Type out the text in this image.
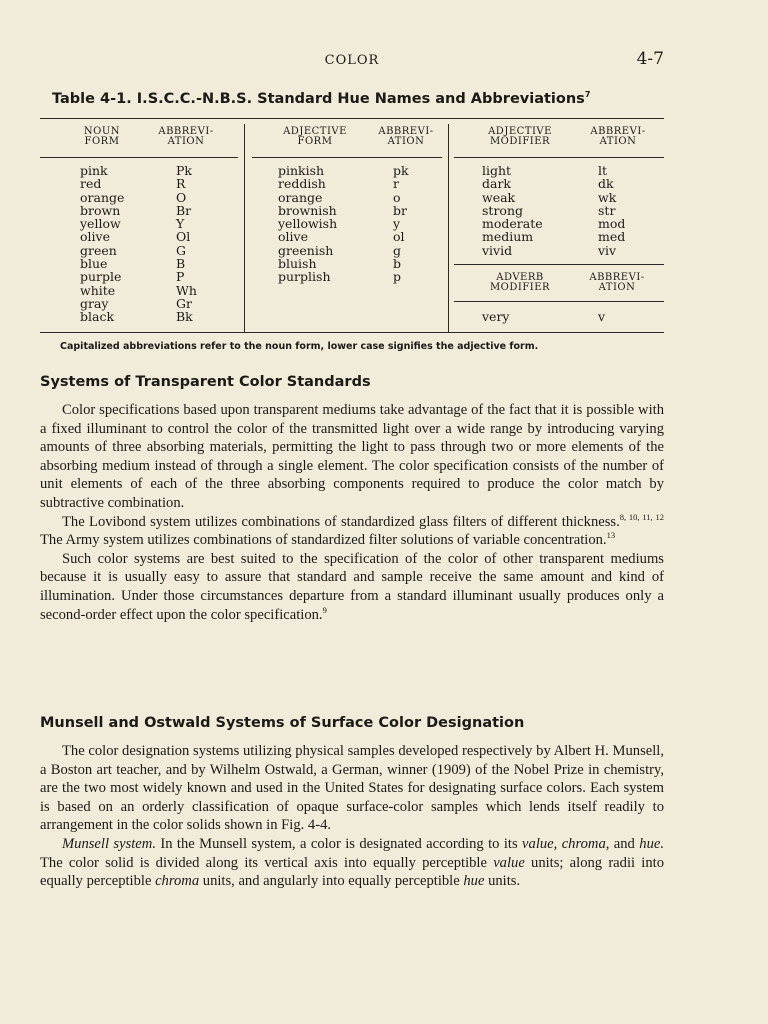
COLOR	4-7
Table 4-1. I.S.C.C.-N.B.S. Standard Hue Names and Abbreviations$^7$
NOUN
FORM
ABBREVI-
ATION
ADJECTIVE
FORM
ABBREVI-
ATION
ADJECTIVE
MODIFIER
ABBREVI-
ATION
ADVERB
MODIFIER
ABBREVI-
ATION
pink
red
orange
brown
yellow
olive
green
blue
purple
white
gray
black
Pk
R
O
Br
Y
Ol
G
B
P
Wh
Gr
Bk
pinkish
reddish
orange
brownish
yellowish
olive
greenish
bluish
purplish
pk
r
o
br
y
ol
g
b
p
light
dark
weak
strong
moderate
medium
vivid
lt
dk
wk
str
mod
med
viv
very	v
Capitalized abbreviations refer to the noun form, lower case signifies the adjective form.
Systems of Transparent Color Standards

Color specifications based upon transparent mediums take advantage of the fact that it is possible with a fixed illuminant to control the color of the transmitted light over a wide range by introducing varying amounts of three absorbing materials, permitting the light to pass through two or more elements of the absorbing medium instead of through a single element. The color specification consists of the number of unit elements of each of the three absorbing components required to produce the color match by subtractive combination.

The Lovibond system utilizes combinations of standardized glass filters of different thickness.$^{8, 10, 11, 12}$ The Army system utilizes combinations of standardized filter solutions of variable concentration.$^{13}$

Such color systems are best suited to the specification of the color of other transparent mediums because it is usually easy to assure that standard and sample receive the same amount and kind of illumination. Under those circumstances departure from a standard illuminant usually produces only a second-order effect upon the color specification.$^9$

Munsell and Ostwald Systems of Surface Color Designation

The color designation systems utilizing physical samples developed respectively by Albert H. Munsell, a Boston art teacher, and by Wilhelm Ostwald, a German, winner (1909) of the Nobel Prize in chemistry, are the two most widely known and used in the United States for designating surface colors. Each system is based on an orderly classification of opaque surface-color samples which lends itself readily to arrangement in the color solids shown in Fig. 4-4.

Munsell system. In the Munsell system, a color is designated according to its value, chroma, and hue. The color solid is divided along its vertical axis into equally perceptible value units; along radii into equally perceptible chroma units, and angularly into equally perceptible hue units.
